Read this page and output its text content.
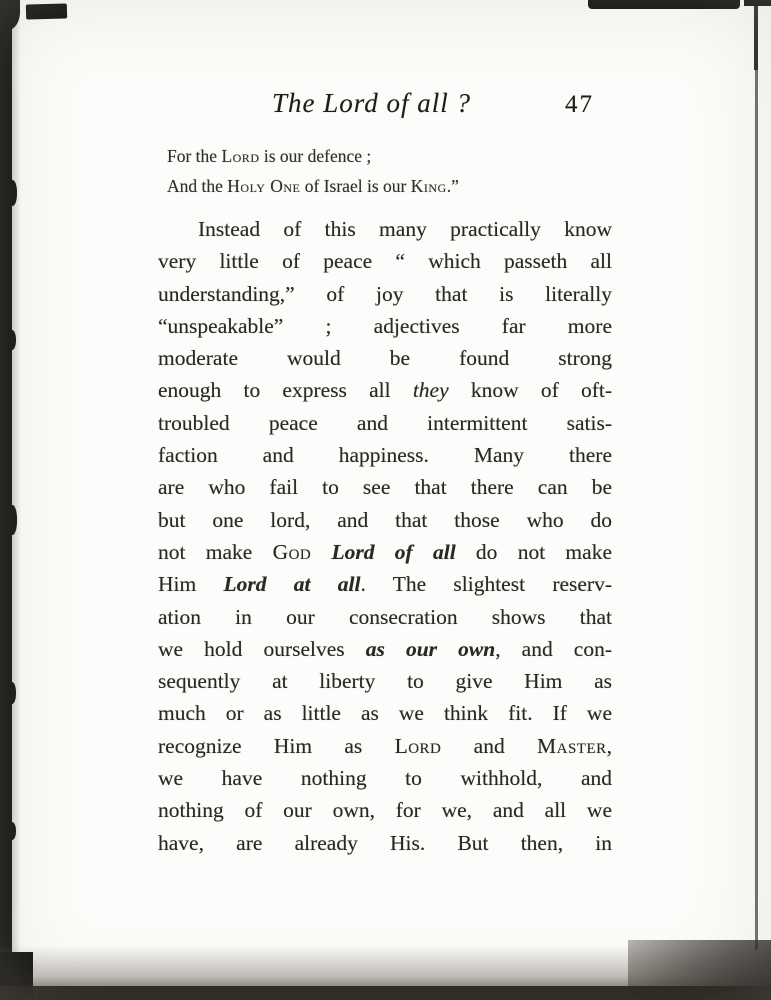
The Lord of all ?	47
For the Lord is our defence ;
And the Holy One of Israel is our King.”
Instead of this many practically know
very little of peace “ which passeth all
understanding,” of joy that is literally
“unspeakable” ; adjectives far more
moderate would be found strong
enough to express all they know of oft-
troubled peace and intermittent satis-
faction and happiness. Many there
are who fail to see that there can be
but one lord, and that those who do
not make God Lord of all do not make
Him Lord at all. The slightest reserv-
ation in our consecration shows that
we hold ourselves as our own, and con-
sequently at liberty to give Him as
much or as little as we think fit. If we
recognize Him as Lord and Master,
we have nothing to withhold, and
nothing of our own, for we, and all we
have, are already His. But then, in
